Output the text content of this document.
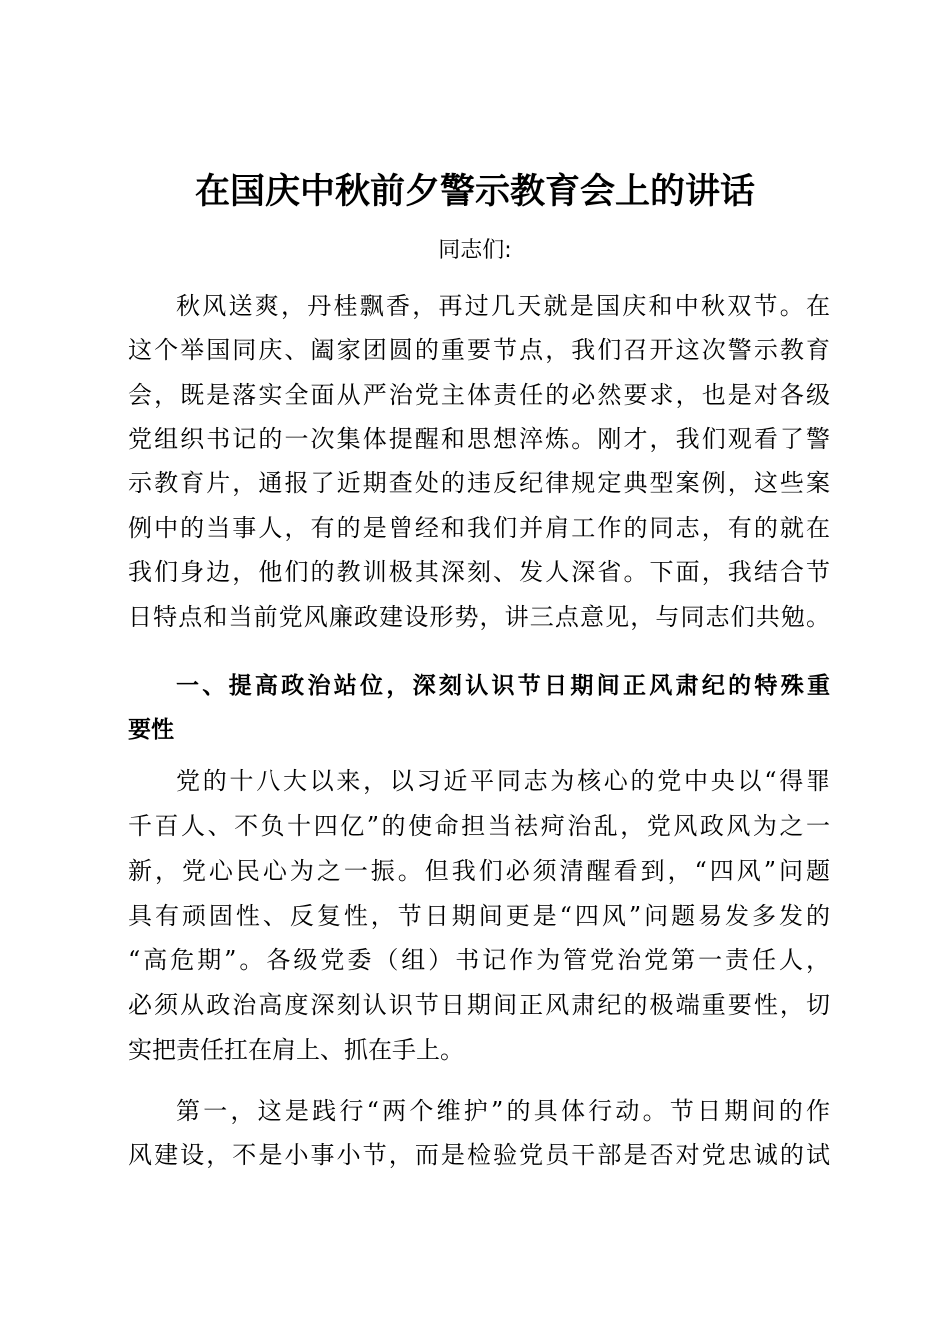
在国庆中秋前夕警示教育会上的讲话
同志们:
秋风送爽，丹桂飘香，再过几天就是国庆和中秋双节。在
这个举国同庆、阖家团圆的重要节点，我们召开这次警示教育
会，既是落实全面从严治党主体责任的必然要求，也是对各级
党组织书记的一次集体提醒和思想淬炼。刚才，我们观看了警
示教育片，通报了近期查处的违反纪律规定典型案例，这些案
例中的当事人，有的是曾经和我们并肩工作的同志，有的就在
我们身边，他们的教训极其深刻、发人深省。下面，我结合节
日特点和当前党风廉政建设形势，讲三点意见，与同志们共勉。
一、提高政治站位，深刻认识节日期间正风肃纪的特殊重
要性
党的十八大以来，以习近平同志为核心的党中央以“得罪
千百人、不负十四亿”的使命担当祛疴治乱，党风政风为之一
新，党心民心为之一振。但我们必须清醒看到，“四风”问题
具有顽固性、反复性，节日期间更是“四风”问题易发多发的
“高危期”。各级党委（组）书记作为管党治党第一责任人，
必须从政治高度深刻认识节日期间正风肃纪的极端重要性，切
实把责任扛在肩上、抓在手上。
第一，这是践行“两个维护”的具体行动。节日期间的作
风建设，不是小事小节，而是检验党员干部是否对党忠诚的试
